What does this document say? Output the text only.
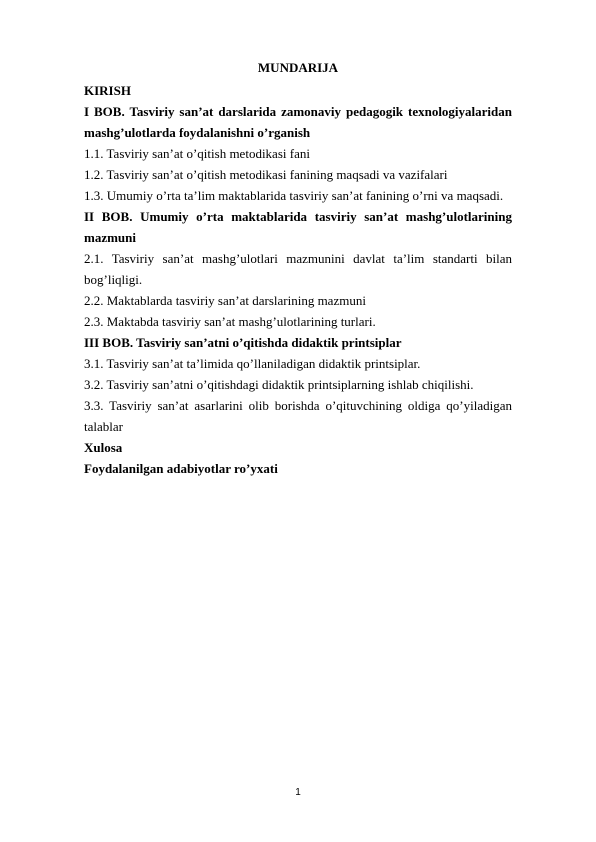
MUNDARIJA

KIRISH

I BOB. Tasviriy san’at darslarida zamonaviy pedagogik texnologiyalaridan mashg’ulotlarda foydalanishni o’rganish

1.1. Tasviriy san’at o’qitish metodikasi fani

1.2. Tasviriy san’at o’qitish metodikasi fanining maqsadi va vazifalari

1.3. Umumiy o’rta ta’lim maktablarida tasviriy san’at fanining o’rni va maqsadi.

II BOB. Umumiy o’rta maktablarida tasviriy san’at mashg’ulotlarining mazmuni

2.1. Tasviriy san’at mashg’ulotlari mazmunini davlat ta’lim standarti bilan bog’liqligi.

2.2. Maktablarda tasviriy san’at darslarining mazmuni

2.3. Maktabda tasviriy san’at mashg’ulotlarining turlari.

III BOB. Tasviriy san’atni o’qitishda didaktik printsiplar

3.1. Tasviriy san’at ta’limida qo’llaniladigan didaktik printsiplar.

3.2. Tasviriy san’atni o’qitishdagi didaktik printsiplarning ishlab chiqilishi.

3.3. Tasviriy san’at asarlarini olib borishda o’qituvchining oldiga qo’yiladigan talablar

Xulosa

Foydalanilgan adabiyotlar ro’yxati

1
